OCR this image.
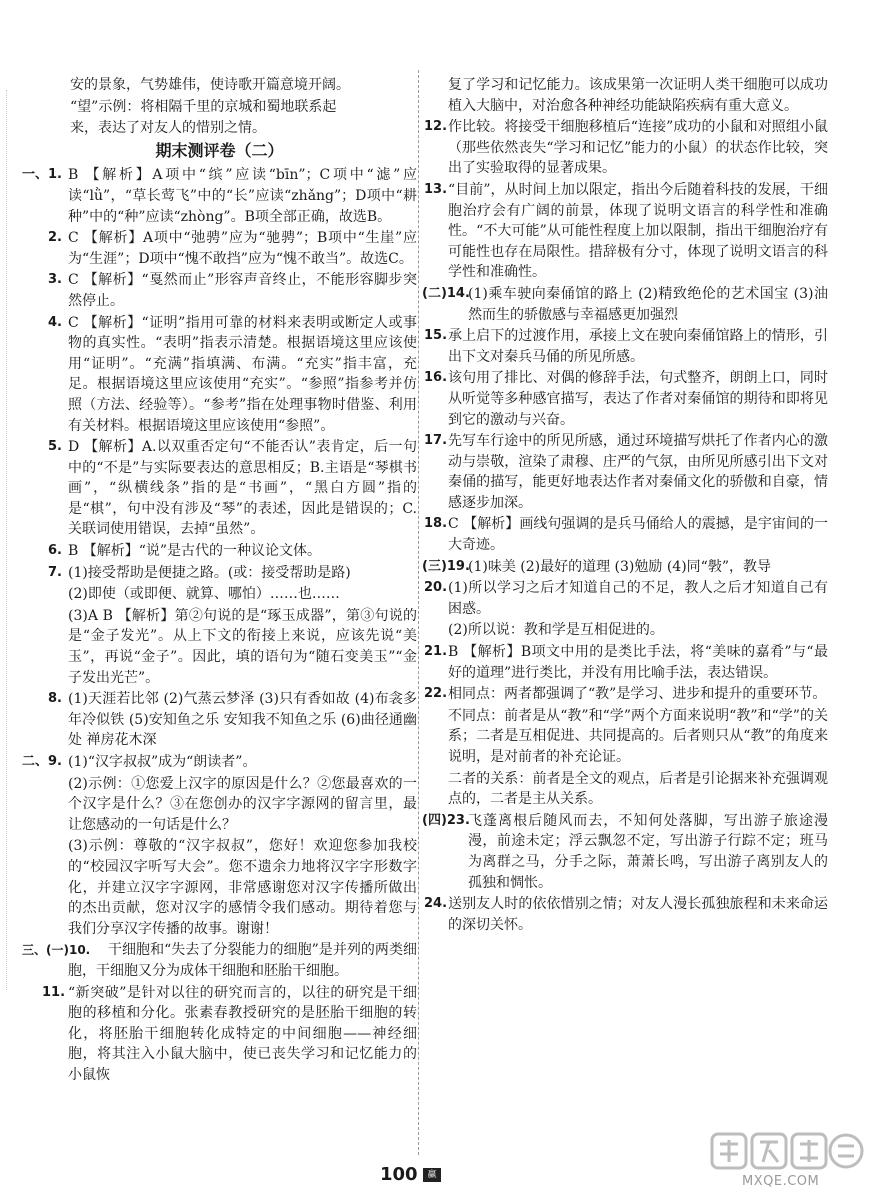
安的景象，气势雄伟，使诗歌开篇意境开阔。
“望”示例：将相隔千里的京城和蜀地联系起
来，表达了对友人的惜别之情。
期末测评卷（二）
一、1. B 【解析】A项中“缤”应读“bīn”；C项中“滤”应读“lǜ”，“草长莺飞”中的“长”应读“zhǎng”；D项中“耕种”中的“种”应读“zhòng”。B项全部正确，故选B。
2. C 【解析】A项中“弛骋”应为“驰骋”；B项中“生崖”应为“生涯”；D项中“愧不敢挡”应为“愧不敢当”。故选C。
3. C 【解析】“戛然而止”形容声音终止，不能形容脚步突然停止。
4. C 【解析】“证明”指用可靠的材料来表明或断定人或事物的真实性。“表明”指表示清楚。根据语境这里应该使用“证明”。“充满”指填满、布满。“充实”指丰富，充足。根据语境这里应该使用“充实”。“参照”指参考并仿照（方法、经验等）。“参考”指在处理事物时借鉴、利用有关材料。根据语境这里应该使用“参照”。
5. D 【解析】A.以双重否定句“不能否认”表肯定，后一句中的“不是”与实际要表达的意思相反；B.主语是“琴棋书画”，“纵横线条”指的是“书画”，“黑白方圆”指的是“棋”，句中没有涉及“琴”的表述，因此是错误的；C.关联词使用错误，去掉“虽然”。
6. B 【解析】“说”是古代的一种议论文体。
7. (1)接受帮助是便捷之路。(或：接受帮助是路)
(2)即使（或即便、就算、哪怕）……也……
(3)A B 【解析】第②句说的是“琢玉成器”，第③句说的是“金子发光”。从上下文的衔接上来说，应该先说“美玉”，再说“金子”。因此，填的语句为“随石变美玉”“金子发出光芒”。
8. (1)天涯若比邻 (2)气蒸云梦泽 (3)只有香如故 (4)布衾多年冷似铁 (5)安知鱼之乐 安知我不知鱼之乐 (6)曲径通幽处 禅房花木深
二、9. (1)“汉字叔叔”成为“朗读者”。
(2)示例：①您爱上汉字的原因是什么？②您最喜欢的一个汉字是什么？③在您创办的汉字字源网的留言里，最让您感动的一句话是什么？
(3)示例：尊敬的“汉字叔叔”，您好！欢迎您参加我校的“校园汉字听写大会”。您不遗余力地将汉字字形数字化，并建立汉字字源网，非常感谢您对汉字传播所做出的杰出贡献，您对汉字的感情令我们感动。期待着您与我们分享汉字传播的故事。谢谢！
三、(一)10.	干细胞和“失去了分裂能力的细胞”是并列的两类细胞，干细胞又分为成体干细胞和胚胎干细胞。
11. “新突破”是针对以往的研究而言的，以往的研究是干细胞的移植和分化。张素春教授研究的是胚胎干细胞的转化，将胚胎干细胞转化成特定的中间细胞——神经细胞，将其注入小鼠大脑中，使已丧失学习和记忆能力的小鼠恢
复了学习和记忆能力。该成果第一次证明人类干细胞可以成功植入大脑中，对治愈各种神经功能缺陷疾病有重大意义。
12. 作比较。将接受干细胞移植后“连接”成功的小鼠和对照组小鼠（那些依然丧失“学习和记忆”能力的小鼠）的状态作比较，突出了实验取得的显著成果。
13. “目前”，从时间上加以限定，指出今后随着科技的发展，干细胞治疗会有广阔的前景，体现了说明文语言的科学性和准确性。“不大可能”从可能性程度上加以限制，指出干细胞治疗有可能性也存在局限性。措辞极有分寸，体现了说明文语言的科学性和准确性。
(二)14.
(1)乘车驶向秦俑馆的路上 (2)精致绝伦的艺术国宝 (3)油然而生的骄傲感与幸福感更加强烈
15. 承上启下的过渡作用，承接上文在驶向秦俑馆路上的情形，引出下文对秦兵马俑的所见所感。
16. 该句用了排比、对偶的修辞手法，句式整齐，朗朗上口，同时从听觉等多种感官描写，表达了作者对秦俑馆的期待和即将见到它的激动与兴奋。
17. 先写车行途中的所见所感，通过环境描写烘托了作者内心的激动与崇敬，渲染了肃穆、庄严的气氛，由所见所感引出下文对秦俑的描写，能更好地表达作者对秦俑文化的骄傲和自豪，情感逐步加深。
18. C 【解析】画线句强调的是兵马俑给人的震撼，是宇宙间的一大奇迹。
(三)19.
(1)味美 (2)最好的道理 (3)勉励 (4)同“斅”，教导
20. (1)所以学习之后才知道自己的不足，教人之后才知道自己有困惑。
(2)所以说：教和学是互相促进的。
21. B 【解析】B项文中用的是类比手法，将“美味的嘉肴”与“最好的道理”进行类比，并没有用比喻手法，表达错误。
22. 相同点：两者都强调了“教”是学习、进步和提升的重要环节。
不同点：前者是从“教”和“学”两个方面来说明“教”和“学”的关系；二者是互相促进、共同提高的。后者则只从“教”的角度来说明，是对前者的补充论证。
二者的关系：前者是全文的观点，后者是引论据来补充强调观点的，二者是主从关系。
(四)23.
飞蓬离根后随风而去，不知何处落脚，写出游子旅途漫漫，前途未定；浮云飘忽不定，写出游子行踪不定；班马为离群之马，分手之际，萧萧长鸣，写出游子离别友人的孤独和惆怅。
24. 送别友人时的依依惜别之情；对友人漫长孤独旅程和未来命运的深切关怀。
100	赢	MXQE.COM
